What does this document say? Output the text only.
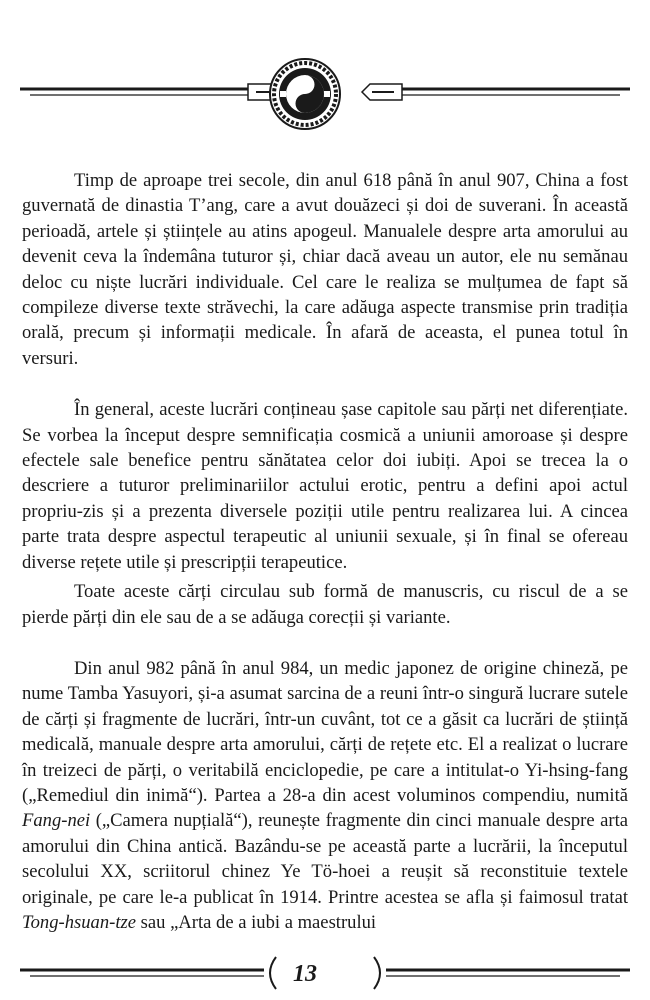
Timp de aproape trei secole, din anul 618 până în anul 907, China a fost guvernată de dinastia T’ang, care a avut douăzeci și doi de suverani. În această perioadă, artele și științele au atins apogeul. Manualele despre arta amorului au devenit ceva la îndemâna tuturor și, chiar dacă aveau un autor, ele nu semănau deloc cu niște lucrări individuale. Cel care le realiza se mulțumea de fapt să compileze diverse texte străvechi, la care adăuga aspecte transmise prin tradiția orală, precum și informații medicale. În afară de aceasta, el punea totul în versuri.

În general, aceste lucrări conțineau șase capitole sau părți net diferențiate. Se vorbea la început despre semnificația cosmică a uniunii amoroase și despre efectele sale benefice pentru sănătatea celor doi iubiți. Apoi se trecea la o descriere a tuturor preliminariilor actului erotic, pentru a defini apoi actul propriu-zis și a prezenta diversele poziții utile pentru realizarea lui. A cincea parte trata despre aspectul terapeutic al uniunii sexuale, și în final se ofereau diverse rețete utile și prescripții terapeutice.

Toate aceste cărți circulau sub formă de manuscris, cu riscul de a se pierde părți din ele sau de a se adăuga corecții și variante.

Din anul 982 până în anul 984, un medic japonez de origine chineză, pe nume Tamba Yasuyori, și-a asumat sarcina de a reuni într-o singură lucrare sutele de cărți și fragmente de lucrări, într-un cuvânt, tot ce a găsit ca lucrări de știință medicală, manuale despre arta amorului, cărți de rețete etc. El a realizat o lucrare în treizeci de părți, o veritabilă enciclopedie, pe care a intitulat-o Yi-hsing-fang („Remediul din inimă“). Partea a 28-a din acest voluminos compendiu, numită Fang-nei („Camera nupțială“), reunește fragmente din cinci manuale despre arta amorului din China antică. Bazându-se pe această parte a lucrării, la începutul secolului XX, scriitorul chinez Ye Tö-hoei a reușit să reconstituie textele originale, pe care le-a publicat în 1914. Printre acestea se afla și faimosul tratat Tong-hsuan-tze sau „Arta de a iubi a maestrului

13
